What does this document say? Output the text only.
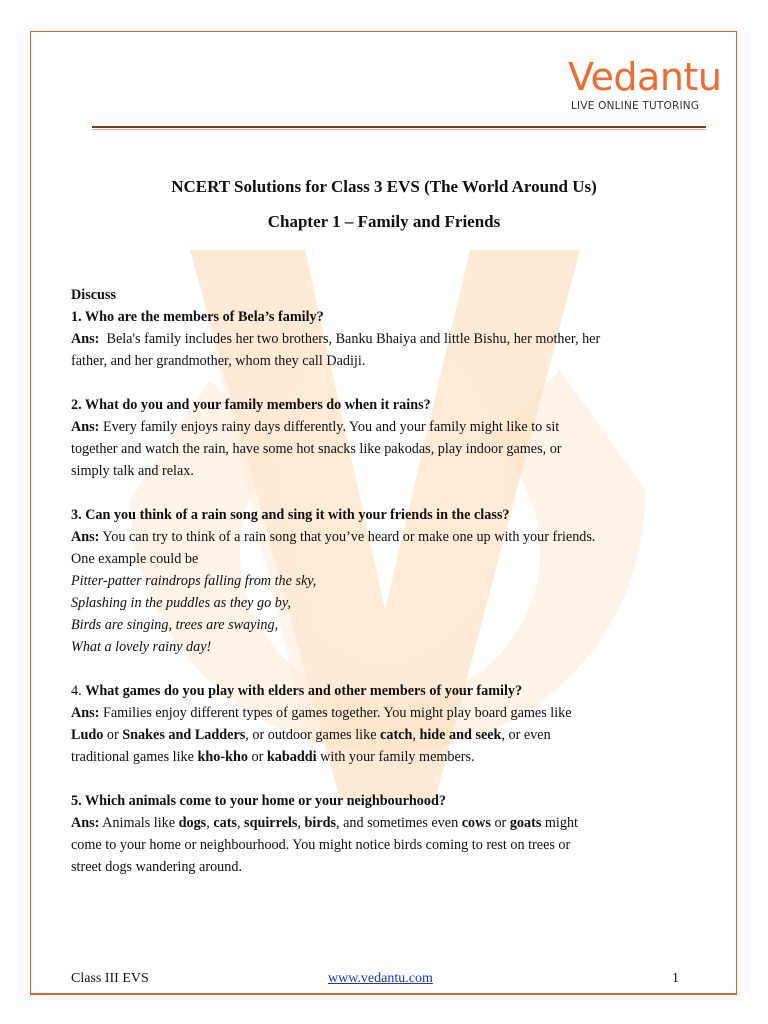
Vedantu
LIVE ONLINE TUTORING
NCERT Solutions for Class 3 EVS (The World Around Us)
Chapter 1 – Family and Friends

Discuss

1. Who are the members of Bela’s family?

Ans: Bela's family includes her two brothers, Banku Bhaiya and little Bishu, her mother, her

father, and her grandmother, whom they call Dadiji.

2. What do you and your family members do when it rains?

Ans: Every family enjoys rainy days differently. You and your family might like to sit

together and watch the rain, have some hot snacks like pakodas, play indoor games, or

simply talk and relax.

3. Can you think of a rain song and sing it with your friends in the class?

Ans: You can try to think of a rain song that you’ve heard or make one up with your friends.

One example could be

Pitter-patter raindrops falling from the sky,

Splashing in the puddles as they go by,

Birds are singing, trees are swaying,

What a lovely rainy day!

4. What games do you play with elders and other members of your family?

Ans: Families enjoy different types of games together. You might play board games like

Ludo or Snakes and Ladders, or outdoor games like catch, hide and seek, or even

traditional games like kho-kho or kabaddi with your family members.

5. Which animals come to your home or your neighbourhood?

Ans: Animals like dogs, cats, squirrels, birds, and sometimes even cows or goats might

come to your home or neighbourhood. You might notice birds coming to rest on trees or

street dogs wandering around.

Class III EVS	www.vedantu.com	1
